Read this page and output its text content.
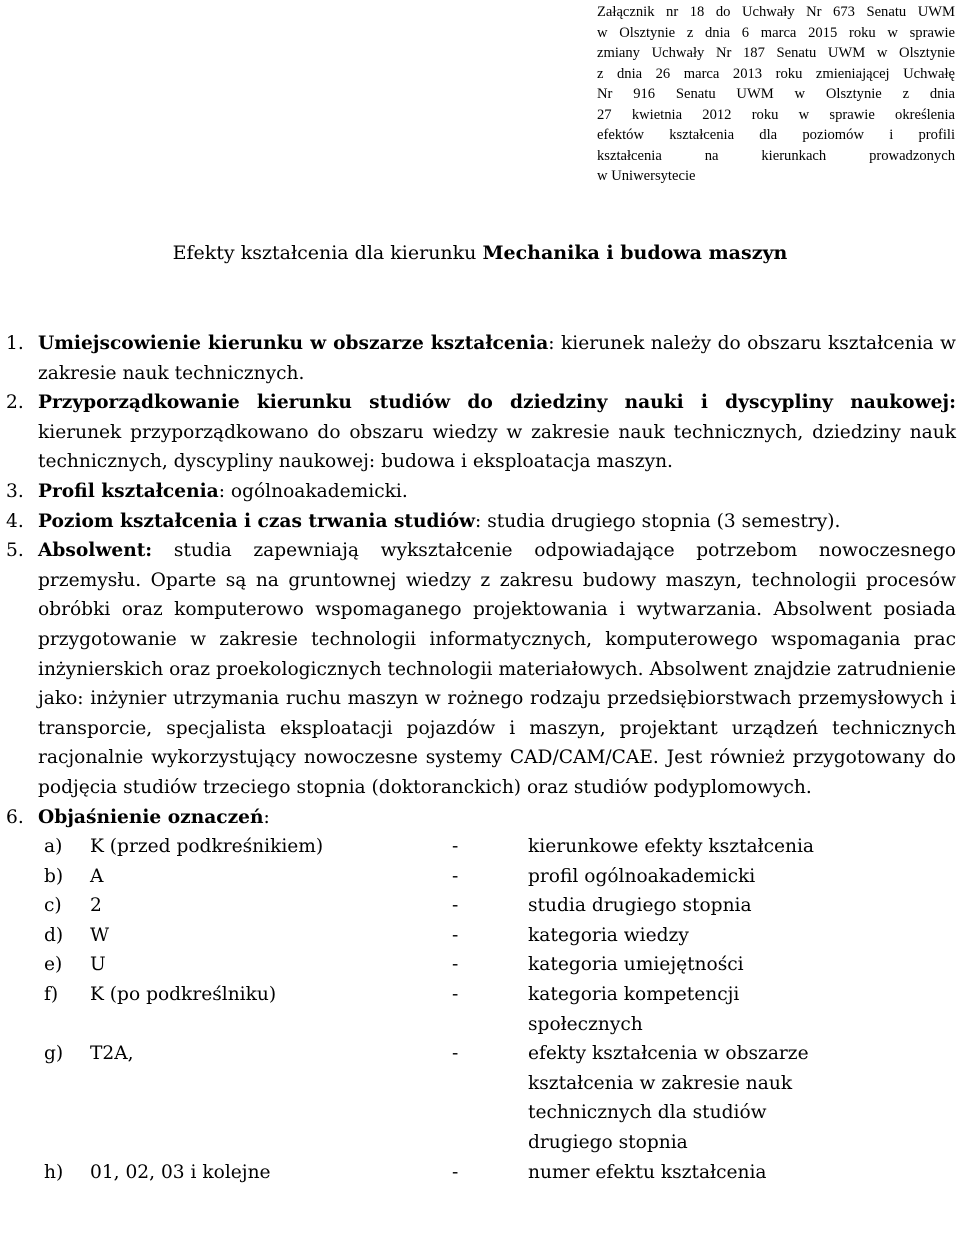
Załącznik nr 18 do Uchwały Nr 673 Senatu UWM
w Olsztynie z dnia 6 marca 2015 roku w sprawie
zmiany Uchwały Nr 187 Senatu UWM w Olsztynie
z dnia 26 marca 2013 roku zmieniającej Uchwałę
Nr 916 Senatu UWM w Olsztynie z dnia
27 kwietnia 2012 roku w sprawie określenia
efektów kształcenia dla poziomów i profili
kształcenia na kierunkach prowadzonych
w Uniwersytecie
Efekty kształcenia dla kierunku Mechanika i budowa maszyn
1. Umiejscowienie kierunku w obszarze kształcenia: kierunek należy do obszaru kształcenia w zakresie nauk technicznych.
2. Przyporządkowanie kierunku studiów do dziedziny nauki i dyscypliny naukowej: kierunek przyporządkowano do obszaru wiedzy w zakresie nauk technicznych, dziedziny nauk technicznych, dyscypliny naukowej: budowa i eksploatacja maszyn.
3. Profil kształcenia: ogólnoakademicki.
4. Poziom kształcenia i czas trwania studiów: studia drugiego stopnia (3 semestry).
5. Absolwent: studia zapewniają wykształcenie odpowiadające potrzebom nowoczesnego przemysłu. Oparte są na gruntownej wiedzy z zakresu budowy maszyn, technologii procesów obróbki oraz komputerowo wspomaganego projektowania i wytwarzania. Absolwent posiada przygotowanie w zakresie technologii informatycznych, komputerowego wspomagania prac inżynierskich oraz proekologicznych technologii materiałowych. Absolwent znajdzie zatrudnienie jako: inżynier utrzymania ruchu maszyn w rożnego rodzaju przedsiębiorstwach przemysłowych i transporcie, specjalista eksploatacji pojazdów i maszyn, projektant urządzeń technicznych racjonalnie wykorzystujący nowoczesne systemy CAD/CAM/CAE. Jest również przygotowany do podjęcia studiów trzeciego stopnia (doktoranckich) oraz studiów podyplomowych.
6. Objaśnienie oznaczeń:
a)	K (przed podkreśnikiem)	-	kierunkowe efekty kształcenia
b)	A	-	profil ogólnoakademicki
c)	2	-	studia drugiego stopnia
d)	W	-	kategoria wiedzy
e)	U	-	kategoria umiejętności
f)	K (po podkreślniku)	-	kategoria kompetencji społecznych
g)	T2A,	-	efekty kształcenia w obszarze kształcenia w zakresie nauk technicznych dla studiów drugiego stopnia
h)	01, 02, 03 i kolejne	-	numer efektu kształcenia
